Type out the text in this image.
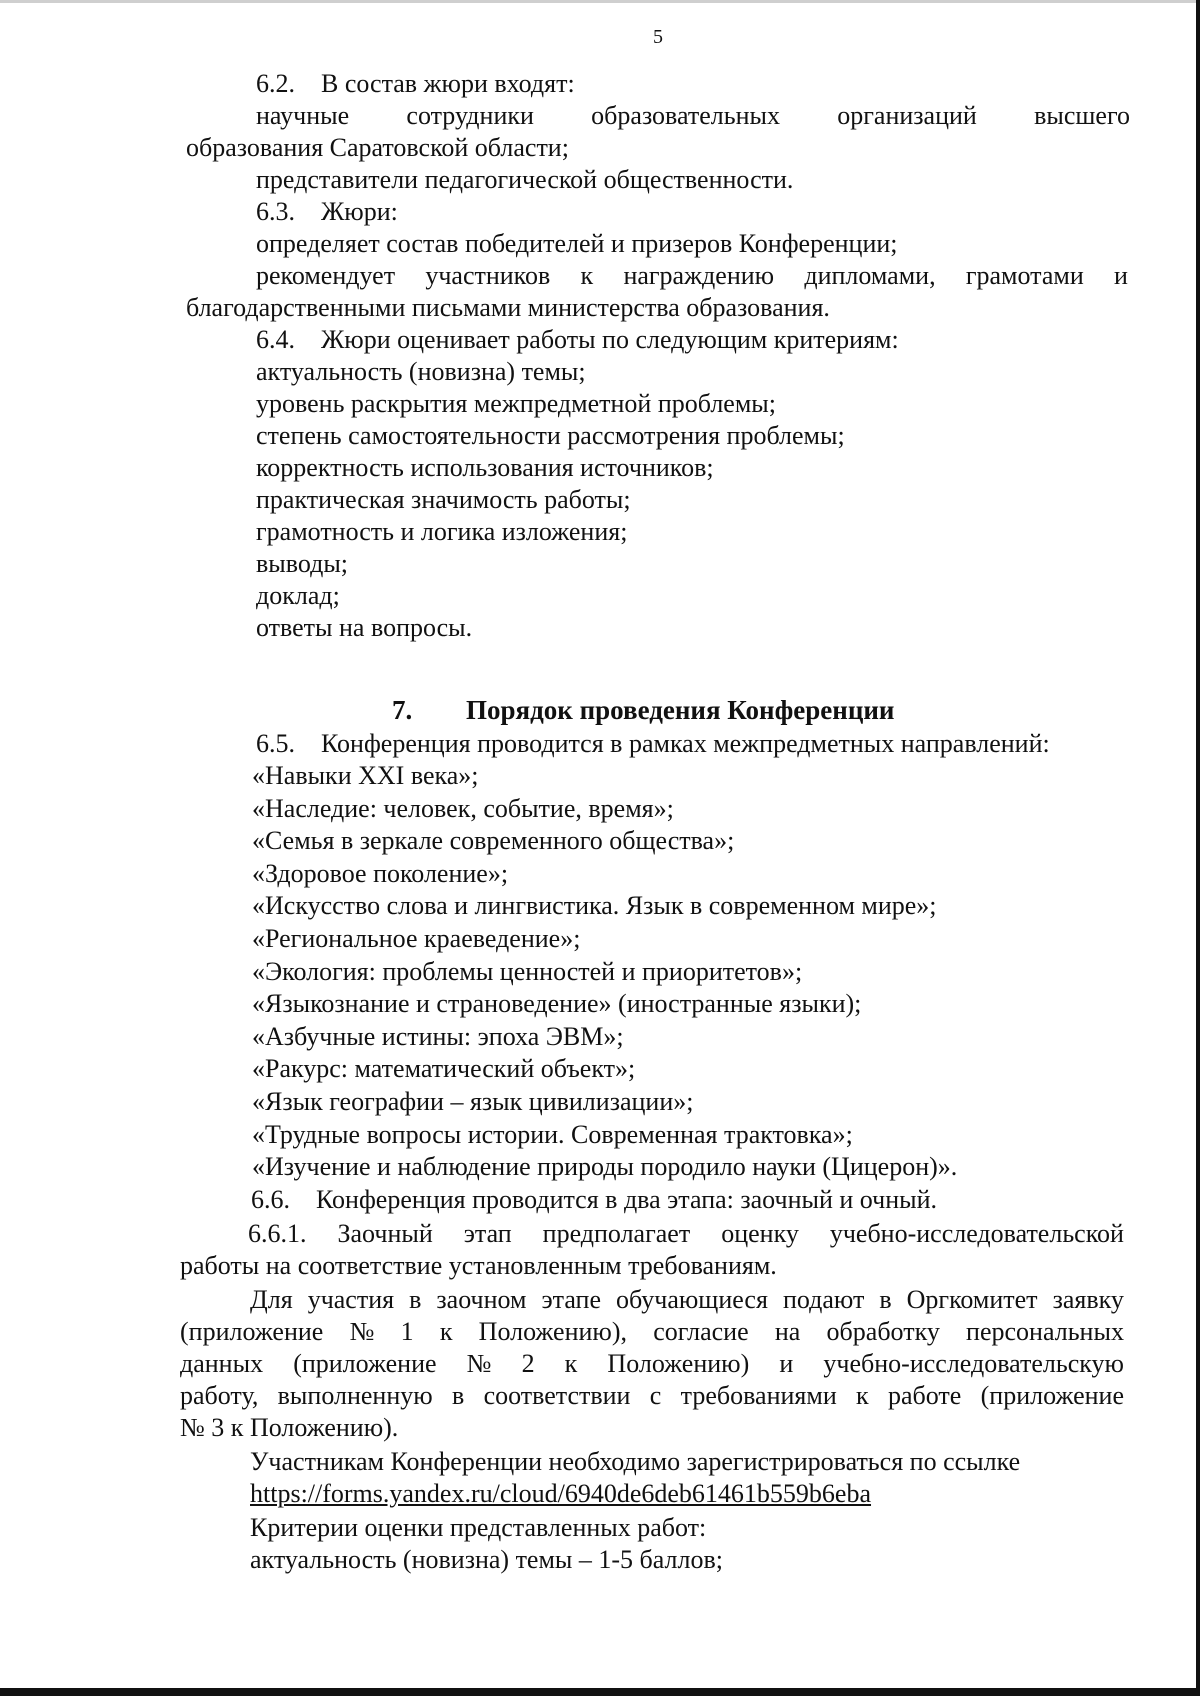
5
6.2. В состав жюри входят:
научные сотрудники образовательных организаций высшего
образования Саратовской области;
представители педагогической общественности.
6.3. Жюри:
определяет состав победителей и призеров Конференции;
рекомендует участников к награждению дипломами, грамотами и
благодарственными письмами министерства образования.
6.4. Жюри оценивает работы по следующим критериям:
актуальность (новизна) темы;
уровень раскрытия межпредметной проблемы;
степень самостоятельности рассмотрения проблемы;
корректность использования источников;
практическая значимость работы;
грамотность и логика изложения;
выводы;
доклад;
ответы на вопросы.
7. Порядок проведения Конференции
6.5. Конференция проводится в рамках межпредметных направлений:
«Навыки XXI века»;
«Наследие: человек, событие, время»;
«Семья в зеркале современного общества»;
«Здоровое поколение»;
«Искусство слова и лингвистика. Язык в современном мире»;
«Региональное краеведение»;
«Экология: проблемы ценностей и приоритетов»;
«Языкознание и страноведение» (иностранные языки);
«Азбучные истины: эпоха ЭВМ»;
«Ракурс: математический объект»;
«Язык географии – язык цивилизации»;
«Трудные вопросы истории. Современная трактовка»;
«Изучение и наблюдение природы породило науки (Цицерон)».
6.6. Конференция проводится в два этапа: заочный и очный.
6.6.1. Заочный этап предполагает оценку учебно-исследовательской
работы на соответствие установленным требованиям.
Для участия в заочном этапе обучающиеся подают в Оргкомитет заявку
(приложение № 1 к Положению), согласие на обработку персональных
данных (приложение № 2 к Положению) и учебно-исследовательскую
работу, выполненную в соответствии с требованиями к работе (приложение
№ 3 к Положению).
Участникам Конференции необходимо зарегистрироваться по ссылке
https://forms.yandex.ru/cloud/6940de6deb61461b559b6eba
Критерии оценки представленных работ:
актуальность (новизна) темы – 1-5 баллов;
